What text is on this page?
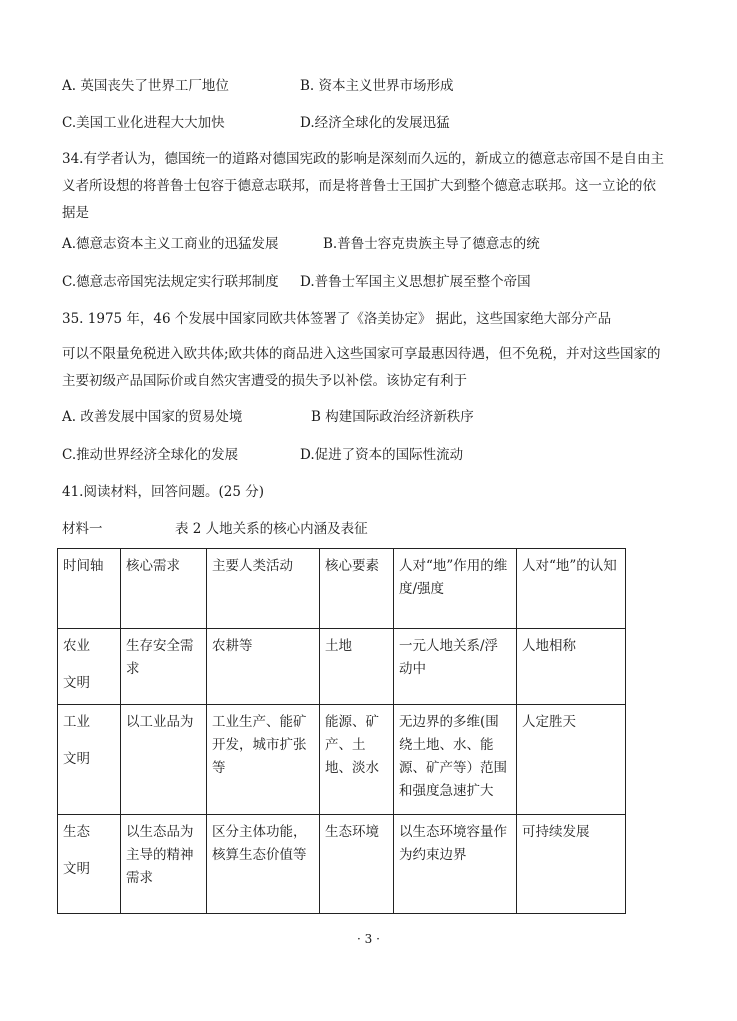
A. 英国丧失了世界工厂地位	B. 资本主义世界市场形成
C.美国工业化进程大大加快	D.经济全球化的发展迅猛
34.有学者认为，德国统一的道路对德国宪政的影响是深刻而久远的，新成立的德意志帝国不是自由主义者所设想的将普鲁士包容于德意志联邦，而是将普鲁士王国扩大到整个德意志联邦。这一立论的依据是
A.德意志资本主义工商业的迅猛发展	B.普鲁士容克贵族主导了德意志的统
C.德意志帝国宪法规定实行联邦制度 D.普鲁士军国主义思想扩展至整个帝国
35. 1975 年，46 个发展中国家同欧共体签署了《洛美协定》 据此，这些国家绝大部分产品
可以不限量免税进入欧共体;欧共体的商品进入这些国家可享最惠因待遇，但不免税，并对这些国家的主要初级产品国际价或自然灾害遭受的损失予以补偿。该协定有利于
A. 改善发展中国家的贸易处境	B 构建国际政治经济新秩序
C.推动世界经济全球化的发展	D.促进了资本的国际性流动
41.阅读材料，回答问题。(25 分)
材料一	表 2 人地关系的核心内涵及表征
时间轴	核心需求	主要人类活动	核心要素	人对“地”作用的维度/强度	人对“地”的认知

农业
文明	生存安全需求	农耕等	土地	一元人地关系/浮动中	人地相称

工业
文明	以工业品为	工业生产、能矿开发，城市扩张等	能源、矿产、土地、淡水	无边界的多维(围绕土地、水、能源、矿产等）范围和强度急速扩大	人定胜天

生态
文明	以生态品为主导的精神需求	区分主体功能，核算生态价值等	生态环境	以生态环境容量作为约束边界	可持续发展
· 3 ·
